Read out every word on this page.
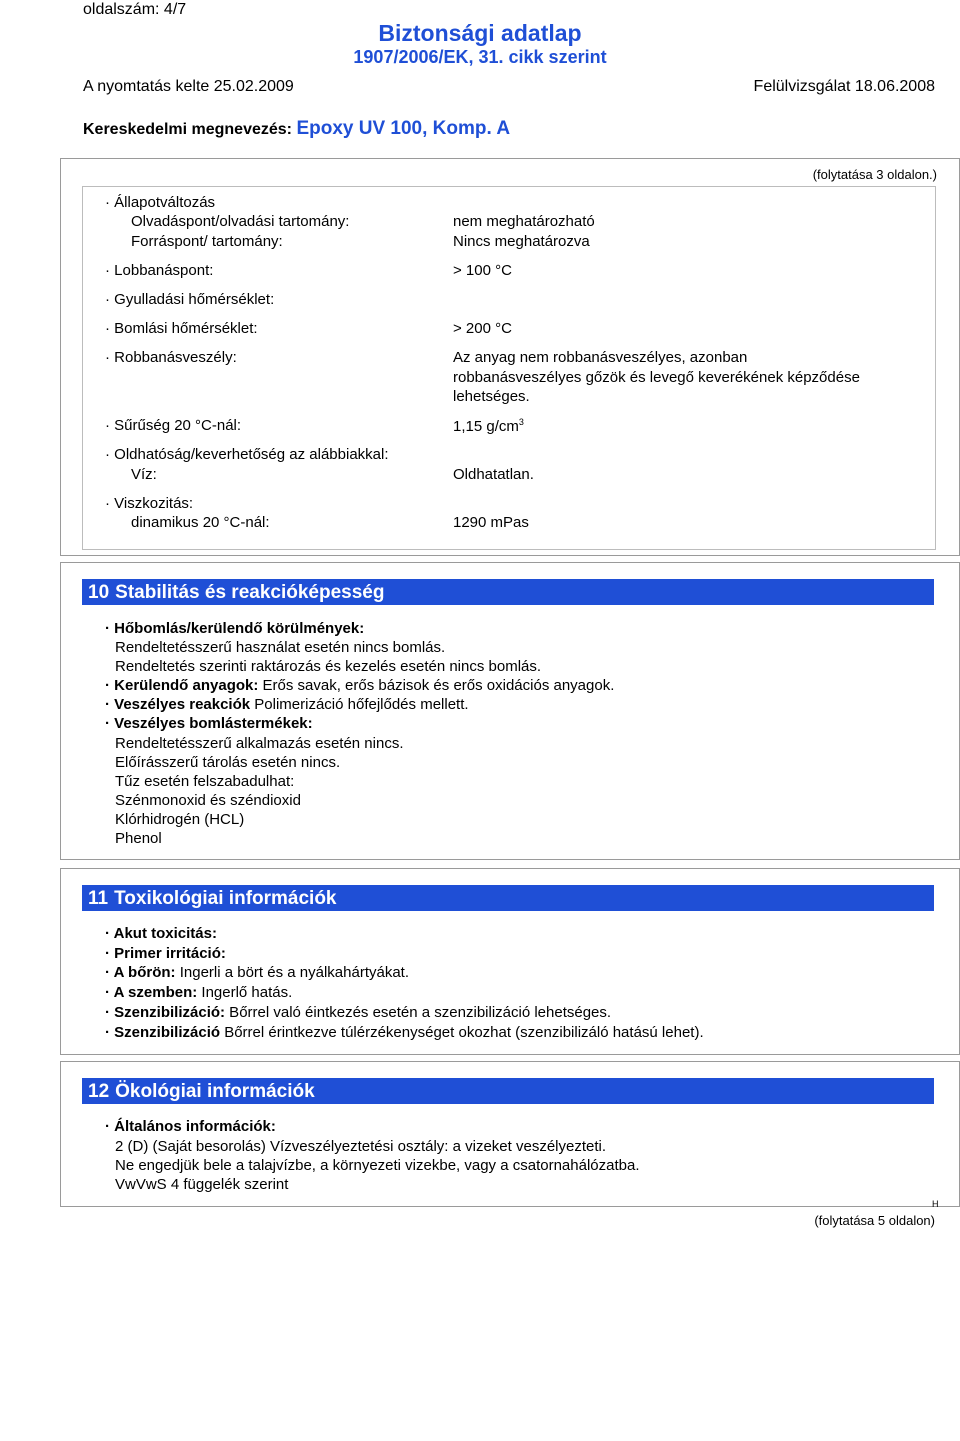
oldalszám: 4/7
Biztonsági adatlap
1907/2006/EK, 31. cikk szerint
A nyomtatás kelte 25.02.2009	Felülvizsgálat 18.06.2008
Kereskedelmi megnevezés: Epoxy UV 100, Komp. A
(folytatása 3 oldalon.)
· Állapotváltozás
Olvadáspont/olvadási tartomány:	nem meghatározható
Forráspont/ tartomány:	Nincs meghatározva
· Lobbanáspont:	> 100 °C
· Gyulladási hőmérséklet:
· Bomlási hőmérséklet:	> 200 °C
· Robbanásveszély:	Az anyag nem robbanásveszélyes, azonban
robbanásveszélyes gőzök és levegő keverékének képződése
lehetséges.
· Sűrűség 20 °C-nál:	1,15 $g/cm^3$
· Oldhatóság/keverhetőség az alábbiakkal:
Víz:	Oldhatatlan.
· Viszkozitás:
dinamikus 20 °C-nál:	1290 mPas
10 Stabilitás és reakcióképesség
· Hőbomlás/kerülendő körülmények:
Rendeltetésszerű használat esetén nincs bomlás.
Rendeltetés szerinti raktározás és kezelés esetén nincs bomlás.
· Kerülendő anyagok: Erős savak, erős bázisok és erős oxidációs anyagok.
· Veszélyes reakciók Polimerizáció hőfejlődés mellett.
· Veszélyes bomlástermékek:
Rendeltetésszerű alkalmazás esetén nincs.
Előírásszerű tárolás esetén nincs.
Tűz esetén felszabadulhat:
Szénmonoxid és széndioxid
Klórhidrogén (HCL)
Phenol
11 Toxikológiai információk
· Akut toxicitás:
· Primer irritáció:
· A bőrön: Ingerli a bört és a nyálkahártyákat.
· A szemben: Ingerlő hatás.
· Szenzibilizáció: Bőrrel való éintkezés esetén a szenzibilizáció lehetséges.
· Szenzibilizáció Bőrrel érintkezve túlérzékenységet okozhat (szenzibilizáló hatású lehet).
12 Ökológiai információk
· Általános információk:
2 (D) (Saját besorolás) Vízveszélyeztetési osztály: a vizeket veszélyezteti.
Ne engedjük bele a talajvízbe, a környezeti vizekbe, vagy a csatornahálózatba.
VwVwS 4 függelék szerint
H
(folytatása 5 oldalon)
